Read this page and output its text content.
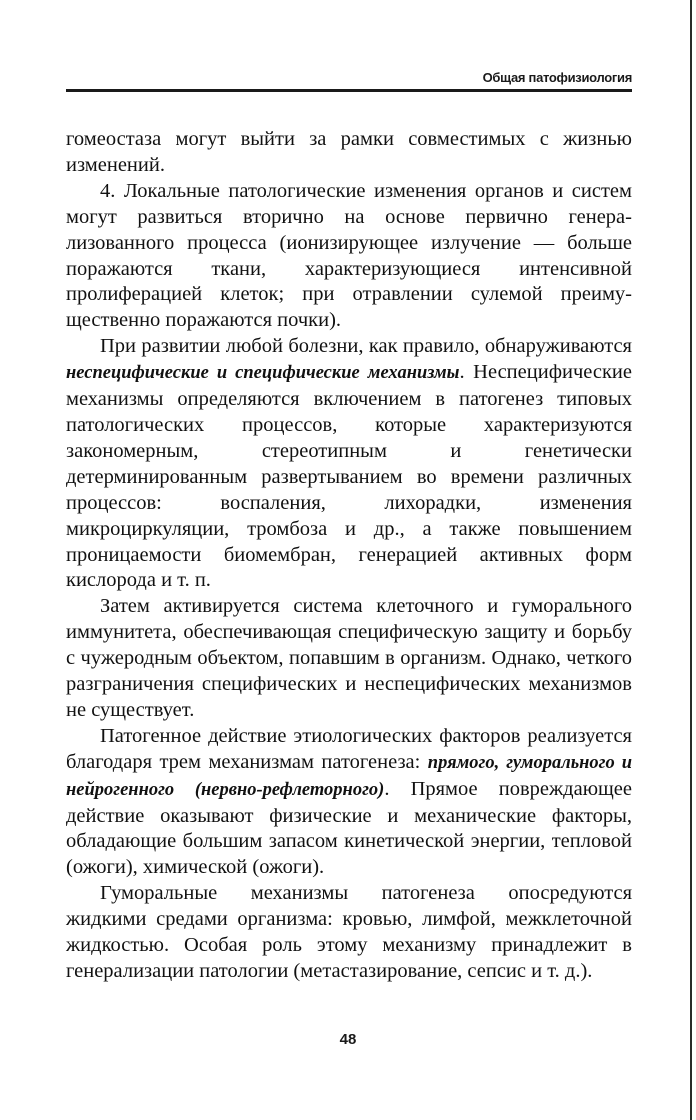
Общая патофизиология

гомеостаза могут выйти за рамки совместимых с жизнью изменений.

4. Локальные патологические изменения органов и систем могут развиться вторично на основе первично генерализованного процесса (ионизирующее излучение — больше поражаются ткани, характеризующиеся интенсивной пролиферацией клеток; при отравлении сулемой преимущественно поражаются почки).

При развитии любой болезни, как правило, обнаруживаются неспецифические и специфические механизмы. Неспецифические механизмы определяются включением в патогенез типовых патологических процессов, которые характеризуются закономерным, стереотипным и генетически детерминированным развертыванием во времени различных процессов: воспаления, лихорадки, изменения микроциркуляции, тромбоза и др., а также повышением проницаемости биомембран, генерацией активных форм кислорода и т. п.

Затем активируется система клеточного и гуморального иммунитета, обеспечивающая специфическую защиту и борьбу с чужеродным объектом, попавшим в организм. Однако, четкого разграничения специфических и неспецифических механизмов не существует.

Патогенное действие этиологических факторов реализуется благодаря трем механизмам патогенеза: прямого, гуморального и нейрогенного (нервно-рефлеторного). Прямое повреждающее действие оказывают физические и механические факторы, обладающие большим запасом кинетической энергии, тепловой (ожоги), химической (ожоги).

Гуморальные механизмы патогенеза опосредуются жидкими средами организма: кровью, лимфой, межклеточной жидкостью. Особая роль этому механизму принадлежит в генерализации патологии (метастазирование, сепсис и т. д.).

48
